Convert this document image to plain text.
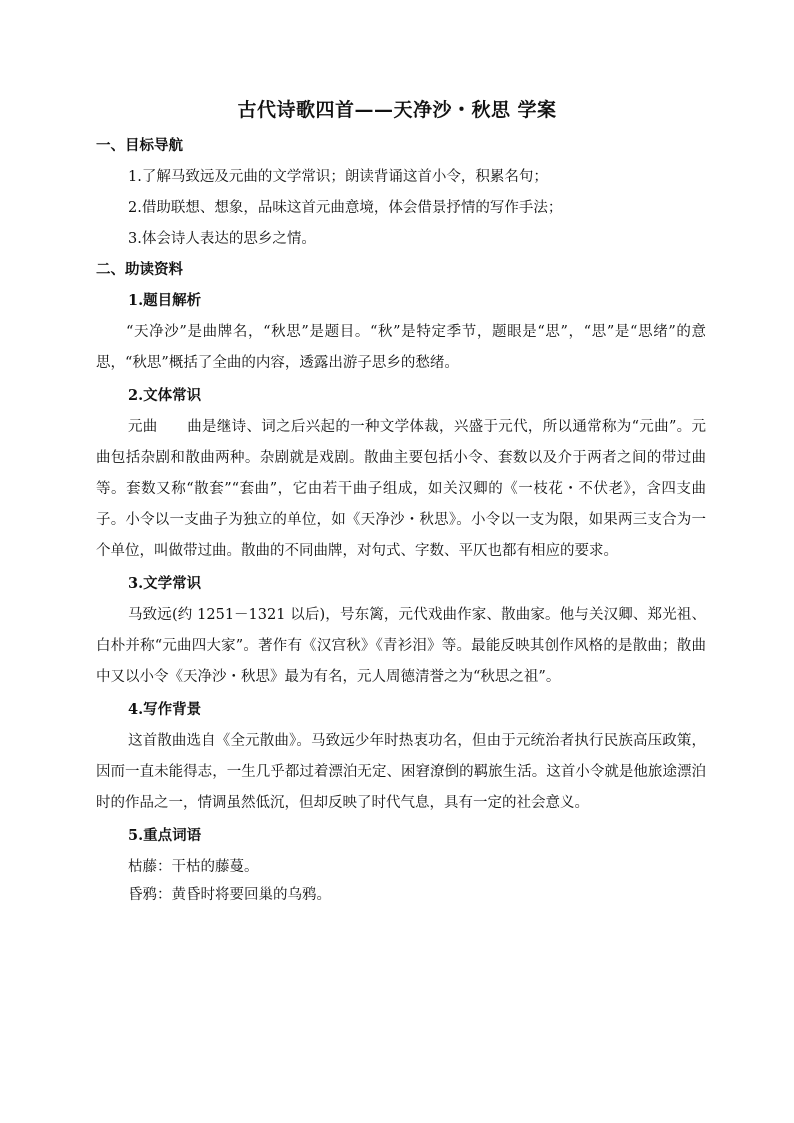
古代诗歌四首——天净沙・秋思 学案
一、目标导航
1.了解马致远及元曲的文学常识；朗读背诵这首小令，积累名句；
2.借助联想、想象，品味这首元曲意境，体会借景抒情的写作手法；
3.体会诗人表达的思乡之情。
二、助读资料
1.题目解析
“天净沙”是曲牌名，“秋思”是题目。“秋”是特定季节，题眼是“思”，“思”是“思绪”的意思，“秋思”概括了全曲的内容，透露出游子思乡的愁绪。
2.文体常识
元曲　　曲是继诗、词之后兴起的一种文学体裁，兴盛于元代，所以通常称为“元曲”。元曲包括杂剧和散曲两种。杂剧就是戏剧。散曲主要包括小令、套数以及介于两者之间的带过曲等。套数又称“散套”“套曲”，它由若干曲子组成，如关汉卿的《一枝花・不伏老》，含四支曲子。小令以一支曲子为独立的单位，如《天净沙・秋思》。小令以一支为限，如果两三支合为一个单位，叫做带过曲。散曲的不同曲牌，对句式、字数、平仄也都有相应的要求。
3.文学常识
马致远(约 1251－1321 以后)，号东篱，元代戏曲作家、散曲家。他与关汉卿、郑光祖、白朴并称“元曲四大家”。著作有《汉宫秋》《青衫泪》等。最能反映其创作风格的是散曲；散曲中又以小令《天净沙・秋思》最为有名，元人周德清誉之为“秋思之祖”。
4.写作背景
这首散曲选自《全元散曲》。马致远少年时热衷功名，但由于元统治者执行民族高压政策，因而一直未能得志，一生几乎都过着漂泊无定、困窘潦倒的羁旅生活。这首小令就是他旅途漂泊时的作品之一，情调虽然低沉，但却反映了时代气息，具有一定的社会意义。
5.重点词语
枯藤：干枯的藤蔓。
昏鸦：黄昏时将要回巢的乌鸦。
